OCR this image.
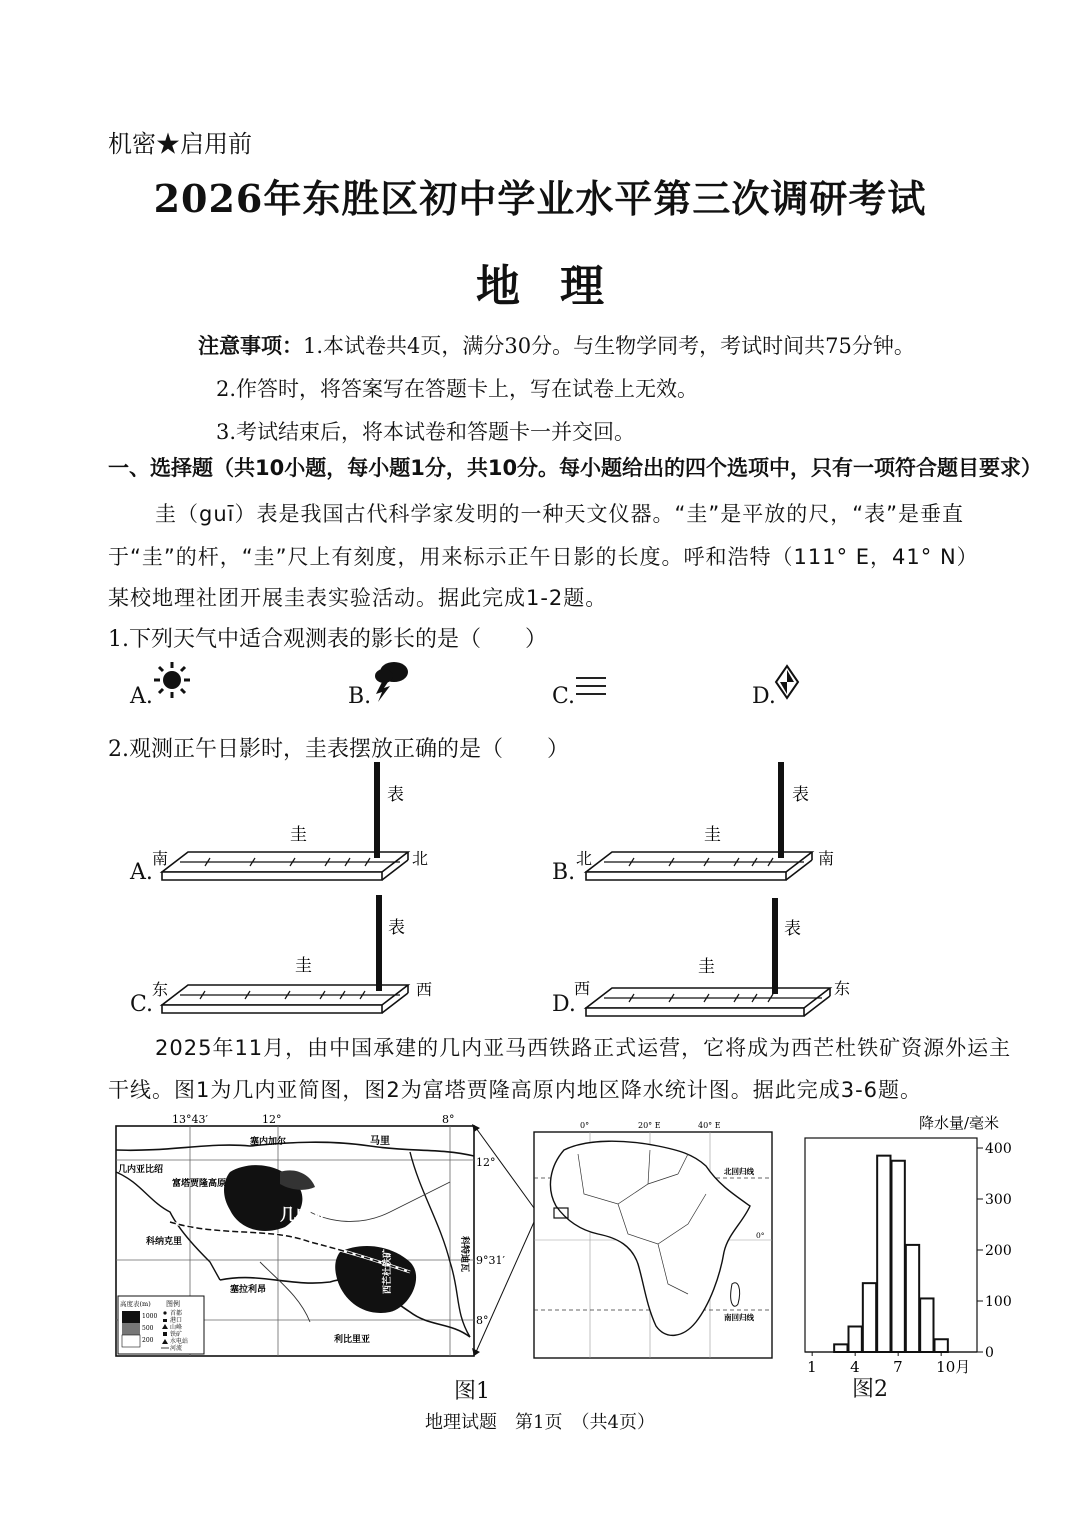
机密★启用前
2026年东胜区初中学业水平第三次调研考试
地理
注意事项：1.本试卷共4页，满分30分。与生物学同考，考试时间共75分钟。
2.作答时，将答案写在答题卡上，写在试卷上无效。
3.考试结束后，将本试卷和答题卡一并交回。
一、选择题（共10小题，每小题1分，共10分。每小题给出的四个选项中，只有一项符合题目要求）
圭（guī）表是我国古代科学家发明的一种天文仪器。“圭”是平放的尺，“表”是垂直
于“圭”的杆，“圭”尺上有刻度，用来标示正午日影的长度。呼和浩特（111° E，41° N）
某校地理社团开展圭表实验活动。据此完成1-2题。
1.下列天气中适合观测表的影长的是（　　）
A.	B.	C.	D.
2.观测正午日影时，圭表摆放正确的是（　　）
表
圭
南	北
A.
表
圭
北	南
B.
表
圭
东	西
C.
表
圭
西	东
D.
2025年11月，由中国承建的几内亚马西铁路正式运营，它将成为西芒杜铁矿资源外运主
干线。图1为几内亚简图，图2为富塔贾隆高原内地区降水统计图。据此完成3-6题。
13°43′	12°	8°
12°
9°31′
8°
几内亚比绍
塞内加尔
几内亚
马里
塞拉利昂
利比里亚
科纳克里
富塔贾隆高原
西芒杜铁矿	科特迪瓦
高度表(m) 图例
1000
500
200
首都
港口
山峰
铁矿
水电站
河流
0°	20° E	40° E
北回归线
0°
南回归线
降水量/毫米
0
100
200
300
400
1 4 7 10月
图1	图2
地理试题　第1页　（共4页）
